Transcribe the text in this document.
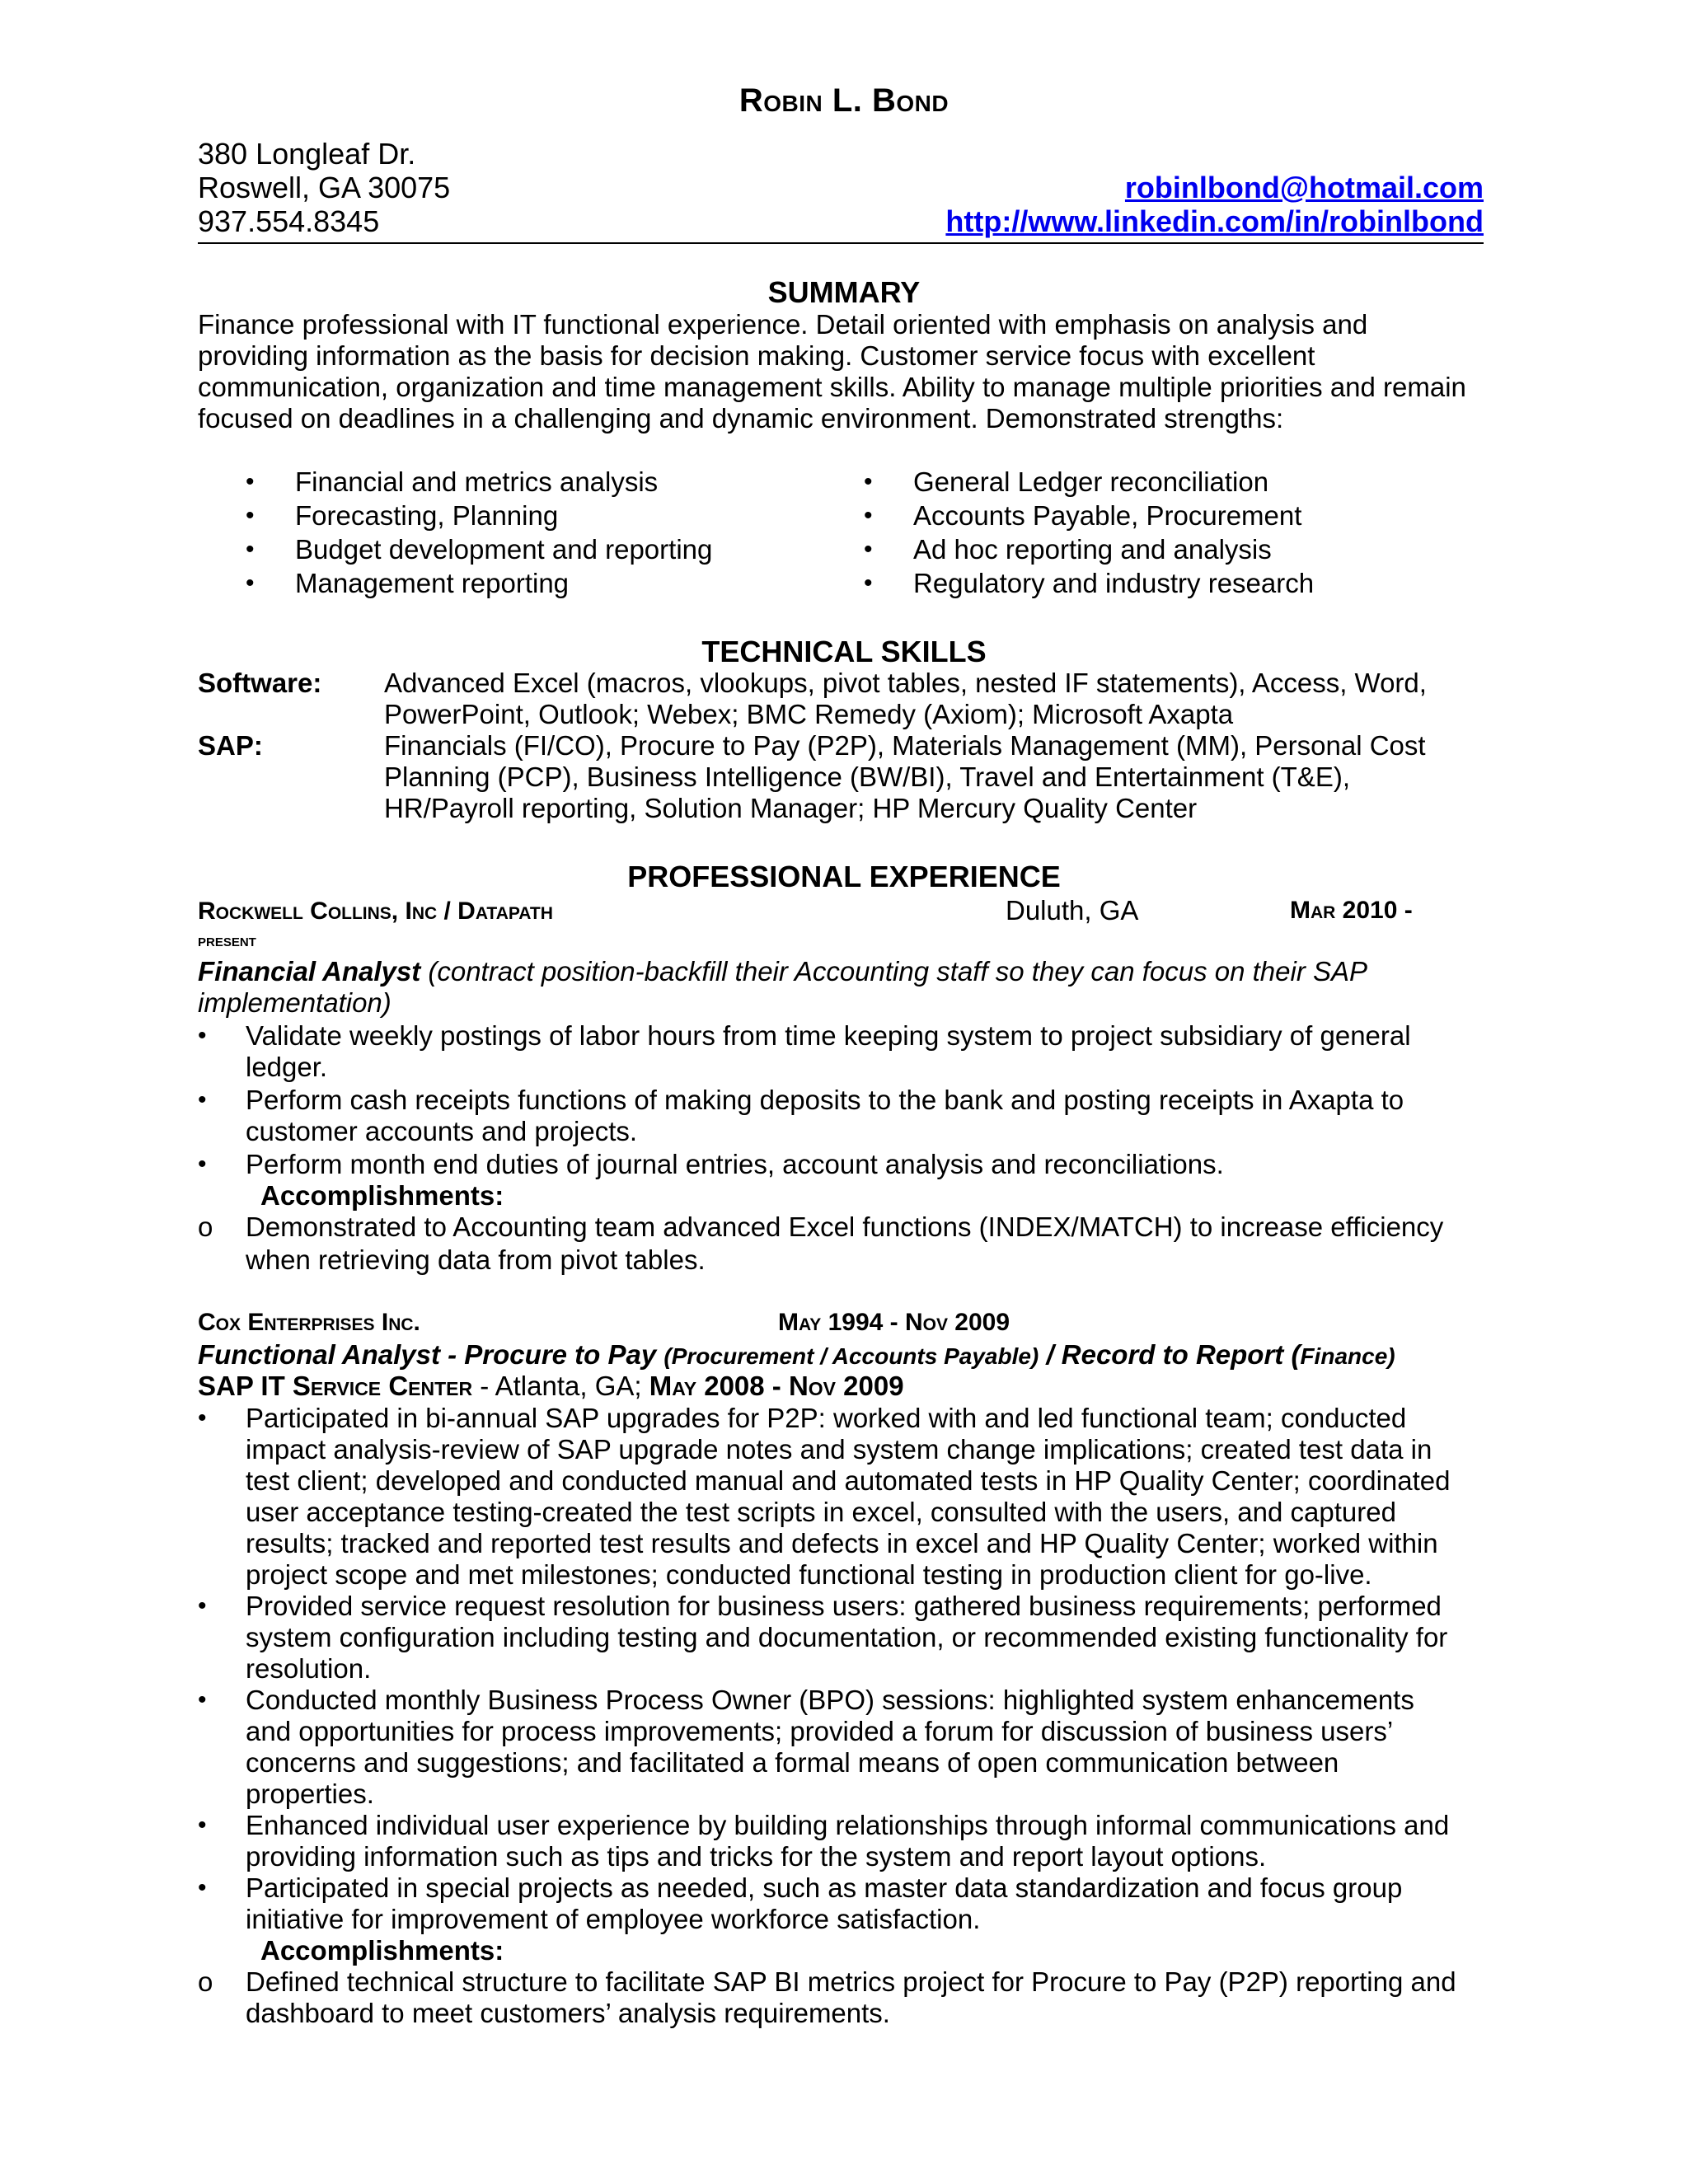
Robin L. Bond
380 Longleaf Dr.
Roswell, GA 30075
937.554.8345
robinlbond@hotmail.com
http://www.linkedin.com/in/robinlbond
SUMMARY
Finance professional with IT functional experience. Detail oriented with emphasis on analysis and providing information as the basis for decision making. Customer service focus with excellent communication, organization and time management skills. Ability to manage multiple priorities and remain focused on deadlines in a challenging and dynamic environment. Demonstrated strengths:
• Financial and metrics analysis
• Forecasting, Planning
• Budget development and reporting
• Management reporting
• General Ledger reconciliation
• Accounts Payable, Procurement
• Ad hoc reporting and analysis
• Regulatory and industry research
TECHNICAL SKILLS
Software: Advanced Excel (macros, vlookups, pivot tables, nested IF statements), Access, Word,
PowerPoint, Outlook; Webex; BMC Remedy (Axiom); Microsoft Axapta
SAP:	Financials (FI/CO), Procure to Pay (P2P), Materials Management (MM), Personal Cost
Planning (PCP), Business Intelligence (BW/BI), Travel and Entertainment (T&E),
HR/Payroll reporting, Solution Manager; HP Mercury Quality Center
PROFESSIONAL EXPERIENCE
Rockwell Collins, Inc / Datapath	Duluth, GA	Mar 2010 -
present
Financial Analyst (contract position-backfill their Accounting staff so they can focus on their SAP
implementation)
• Validate weekly postings of labor hours from time keeping system to project subsidiary of general
ledger.
• Perform cash receipts functions of making deposits to the bank and posting receipts in Axapta to
customer accounts and projects.
• Perform month end duties of journal entries, account analysis and reconciliations.
Accomplishments:
o Demonstrated to Accounting team advanced Excel functions (INDEX/MATCH) to increase efficiency
when retrieving data from pivot tables.
Cox Enterprises Inc.	May 1994 - Nov 2009
Functional Analyst - Procure to Pay (Procurement / Accounts Payable) / Record to Report (Finance)
SAP IT Service Center - Atlanta, GA; May 2008 - Nov 2009
• Participated in bi-annual SAP upgrades for P2P: worked with and led functional team; conducted
impact analysis-review of SAP upgrade notes and system change implications; created test data in
test client; developed and conducted manual and automated tests in HP Quality Center; coordinated
user acceptance testing-created the test scripts in excel, consulted with the users, and captured
results; tracked and reported test results and defects in excel and HP Quality Center; worked within
project scope and met milestones; conducted functional testing in production client for go-live.
• Provided service request resolution for business users: gathered business requirements; performed
system configuration including testing and documentation, or recommended existing functionality for
resolution.
• Conducted monthly Business Process Owner (BPO) sessions: highlighted system enhancements
and opportunities for process improvements; provided a forum for discussion of business users’
concerns and suggestions; and facilitated a formal means of open communication between
properties.
• Enhanced individual user experience by building relationships through informal communications and
providing information such as tips and tricks for the system and report layout options.
• Participated in special projects as needed, such as master data standardization and focus group
initiative for improvement of employee workforce satisfaction.
Accomplishments:
o Defined technical structure to facilitate SAP BI metrics project for Procure to Pay (P2P) reporting and
dashboard to meet customers’ analysis requirements.
